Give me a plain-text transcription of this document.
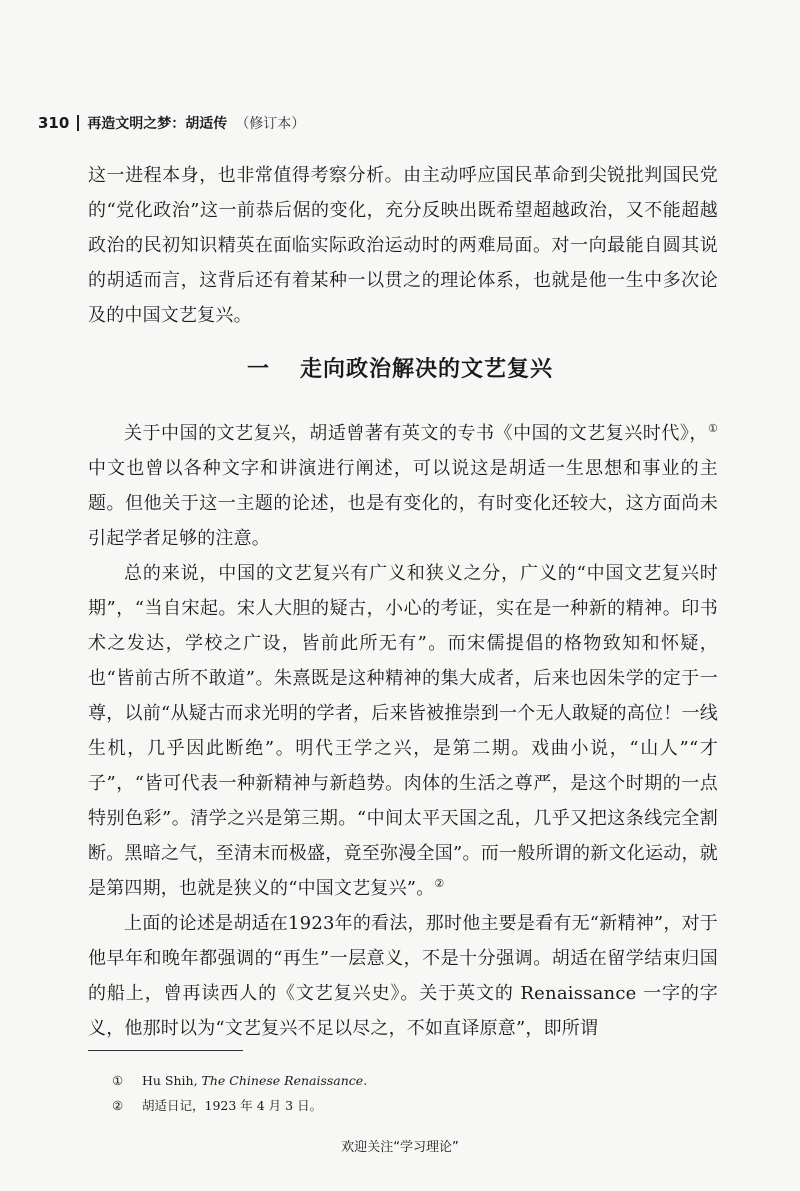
310 再造文明之梦：胡适传 （修订本）

这一进程本身，也非常值得考察分析。由主动呼应国民革命到尖锐批判国民党的“党化政治”这一前恭后倨的变化，充分反映出既希望超越政治，又不能超越政治的民初知识精英在面临实际政治运动时的两难局面。对一向最能自圆其说的胡适而言，这背后还有着某种一以贯之的理论体系，也就是他一生中多次论及的中国文艺复兴。

一 走向政治解决的文艺复兴

关于中国的文艺复兴，胡适曾著有英文的专书《中国的文艺复兴时代》，① 中文也曾以各种文字和讲演进行阐述，可以说这是胡适一生思想和事业的主题。但他关于这一主题的论述，也是有变化的，有时变化还较大，这方面尚未引起学者足够的注意。

总的来说，中国的文艺复兴有广义和狭义之分，广义的“中国文艺复兴时期”，“当自宋起。宋人大胆的疑古，小心的考证，实在是一种新的精神。印书术之发达，学校之广设，皆前此所无有”。而宋儒提倡的格物致知和怀疑，也“皆前古所不敢道”。朱熹既是这种精神的集大成者，后来也因朱学的定于一尊，以前“从疑古而求光明的学者，后来皆被推崇到一个无人敢疑的高位！一线生机，几乎因此断绝”。明代王学之兴，是第二期。戏曲小说，“山人”“才子”，“皆可代表一种新精神与新趋势。肉体的生活之尊严，是这个时期的一点特别色彩”。清学之兴是第三期。“中间太平天国之乱，几乎又把这条线完全割断。黑暗之气，至清末而极盛，竟至弥漫全国”。而一般所谓的新文化运动，就是第四期，也就是狭义的“中国文艺复兴”。②

上面的论述是胡适在1923年的看法，那时他主要是看有无“新精神”，对于他早年和晚年都强调的“再生”一层意义，不是十分强调。胡适在留学结束归国的船上，曾再读西人的《文艺复兴史》。关于英文的 Renaissance 一字的字义，他那时以为“文艺复兴不足以尽之，不如直译原意”，即所谓

① Hu Shih, The Chinese Renaissance.
② 胡适日记，1923 年 4 月 3 日。
欢迎关注“学习理论”
